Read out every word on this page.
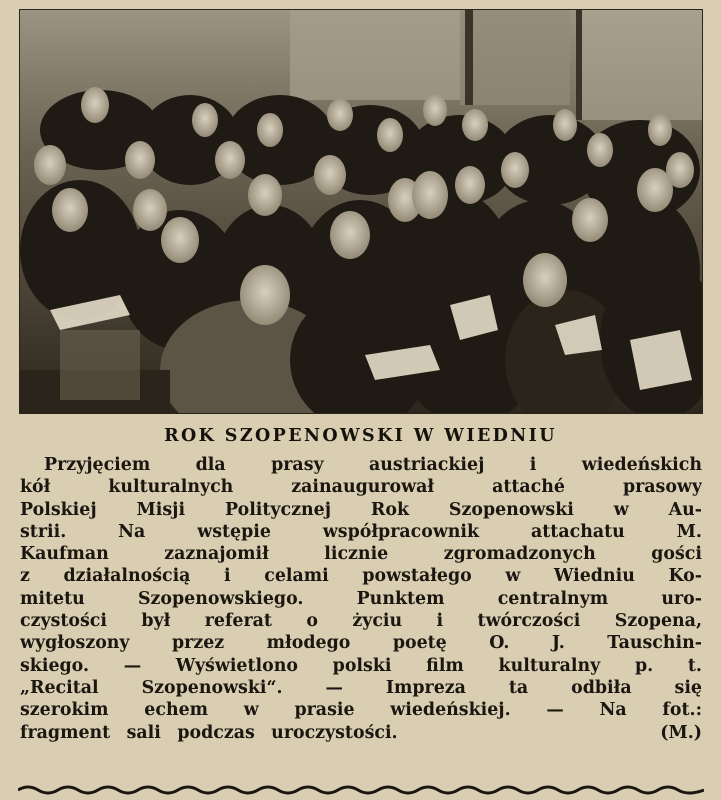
ROK SZOPENOWSKI W WIEDNIU
Przyjęciem dla prasy austriackiej i wiedeńskich
kół kulturalnych zainaugurował attaché prasowy
Polskiej Misji Politycznej Rok Szopenowski w Au-
strii. Na wstępie współpracownik attachatu M.
Kaufman zaznajomił licznie zgromadzonych gości
z działalnością i celami powstałego w Wiedniu Ko-
mitetu Szopenowskiego. Punktem centralnym uro-
czystości był referat o życiu i twórczości Szopena,
wygłoszony przez młodego poetę O. J. Tauschin-
skiego. — Wyświetlono polski film kulturalny p. t.
„Recital Szopenowski“. — Impreza ta odbiła się
szerokim echem w prasie wiedeńskiej. — Na fot.:
fragment sali podczas uroczystości.                (M.)
